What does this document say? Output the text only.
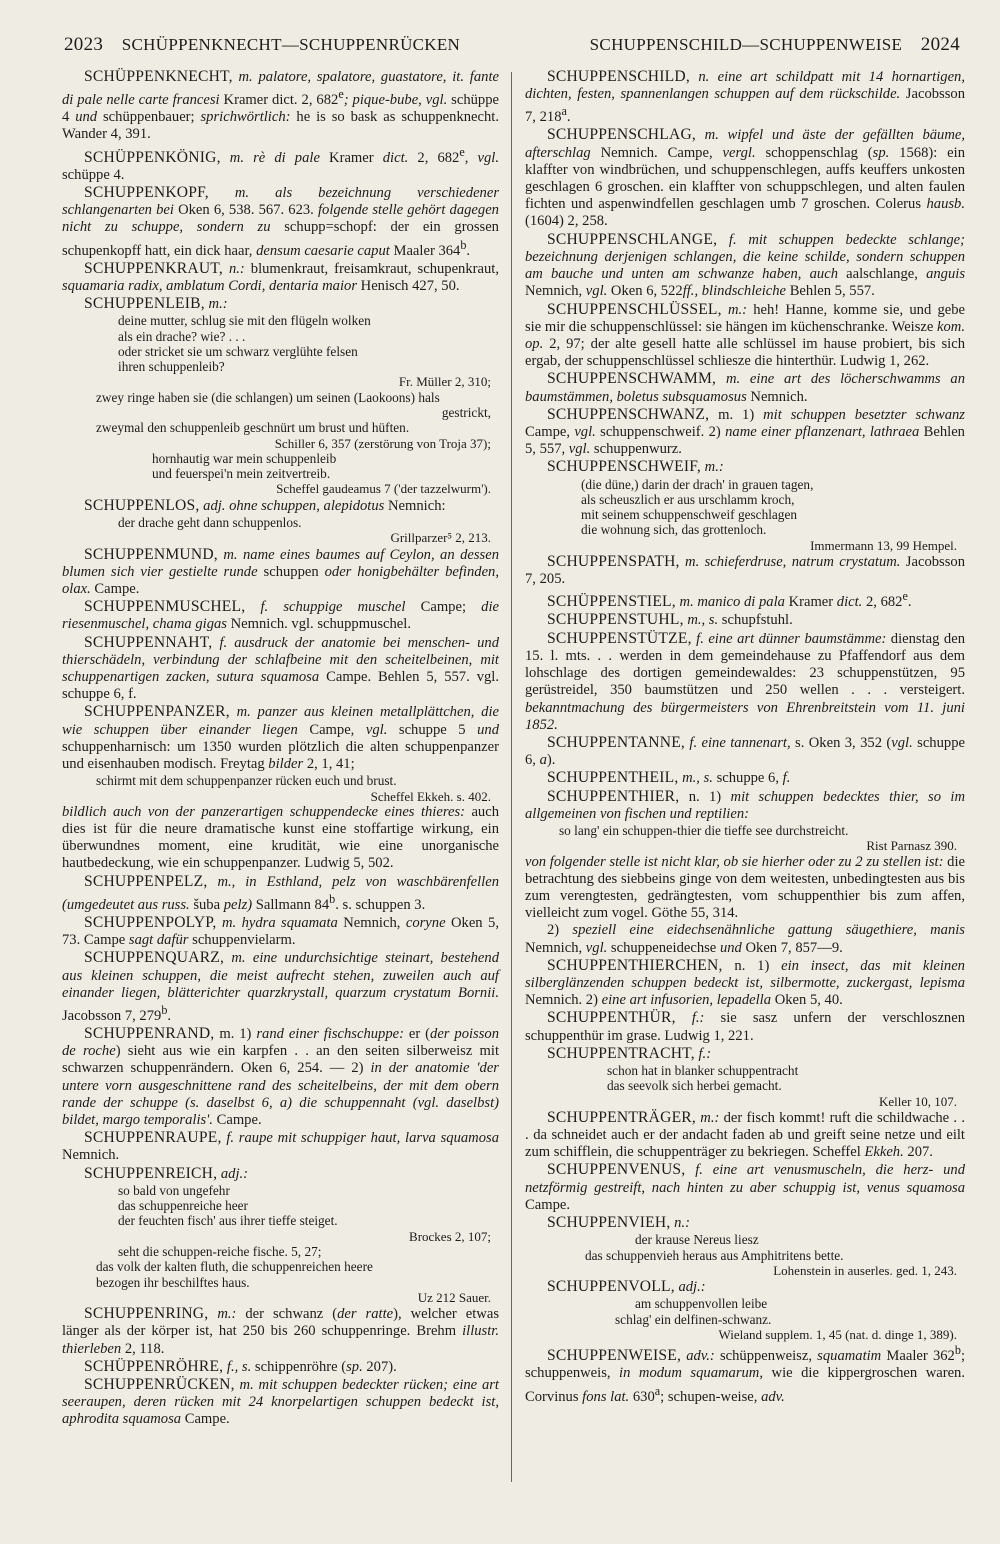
2023 SCHÜPPENKNECHT—SCHUPPENRÜCKEN	SCHUPPENSCHILD—SCHUPPENWEISE 2024

SCHÜPPENKNECHT, m. palatore, spalatore, guastatore, it. fante di pale nelle carte francesi Kramer dict. 2, 682e; pique-bube, vgl. schüppe 4 und schüppenbauer; sprichwörtlich: he is so bask as schuppenknecht. Wander 4, 391.

SCHÜPPENKÖNIG, m. rè di pale Kramer dict. 2, 682e, vgl. schüppe 4.

SCHUPPENKOPF, m. als bezeichnung verschiedener schlangenarten bei Oken 6, 538. 567. 623. folgende stelle gehört dagegen nicht zu schuppe, sondern zu schupp=schopf: der ein grossen schupenkopff hatt, ein dick haar, densum caesarie caput Maaler 364$^b$.

SCHUPPENKRAUT, n.: blumenkraut, freisamkraut, schupenkraut, squamaria radix, amblatum Cordi, dentaria maior Henisch 427, 50.

SCHUPPENLEIB, m.:

deine mutter, schlug sie mit den flügeln wolken
als ein drache? wie? . . .
oder stricket sie um schwarz verglühte felsen
ihren schuppenleib?
Fr. Müller 2, 310;
zwey ringe haben sie (die schlangen) um seinen (Laokoons) hals
gestrickt,
zweymal den schuppenleib geschnürt um brust und hüften.
Schiller 6, 357 (zerstörung von Troja 37);
hornhautig war mein schuppenleib
und feuerspei'n mein zeitvertreib.
Scheffel gaudeamus 7 ('der tazzelwurm').

SCHUPPENLOS, adj. ohne schuppen, alepidotus Nemnich:

der drache geht dann schuppenlos.
Grillparzer⁵ 2, 213.

SCHUPPENMUND, m. name eines baumes auf Ceylon, an dessen blumen sich vier gestielte runde schuppen oder honigbehälter befinden, olax. Campe.

SCHUPPENMUSCHEL, f. schuppige muschel Campe; die riesenmuschel, chama gigas Nemnich. vgl. schuppmuschel.

SCHUPPENNAHT, f. ausdruck der anatomie bei menschen- und thierschädeln, verbindung der schlafbeine mit den scheitelbeinen, mit schuppenartigen zacken, sutura squamosa Campe. Behlen 5, 557. vgl. schuppe 6, f.

SCHUPPENPANZER, m. panzer aus kleinen metallplättchen, die wie schuppen über einander liegen Campe, vgl. schuppe 5 und schuppenharnisch: um 1350 wurden plötzlich die alten schuppenpanzer und eisenhauben modisch. Freytag bilder 2, 1, 41;

schirmt mit dem schuppenpanzer rücken euch und brust.
Scheffel Ekkeh. s. 402.

bildlich auch von der panzerartigen schuppendecke eines thieres: auch dies ist für die neure dramatische kunst eine stoffartige wirkung, ein überwundnes moment, eine krudität, wie eine unorganische hautbedeckung, wie ein schuppenpanzer. Ludwig 5, 502.

SCHUPPENPELZ, m., in Esthland, pelz von waschbärenfellen (umgedeutet aus russ. šuba pelz) Sallmann 84$^b$. s. schuppen 3.

SCHUPPENPOLYP, m. hydra squamata Nemnich, coryne Oken 5, 73. Campe sagt dafür schuppenvielarm.

SCHUPPENQUARZ, m. eine undurchsichtige steinart, bestehend aus kleinen schuppen, die meist aufrecht stehen, zuweilen auch auf einander liegen, blätterichter quarzkrystall, quarzum crystatum Bornii. Jacobsson 7, 279$^b$.

SCHUPPENRAND, m. 1) rand einer fischschuppe: er (der poisson de roche) sieht aus wie ein karpfen . . an den seiten silberweisz mit schwarzen schuppenrändern. Oken 6, 254. — 2) in der anatomie 'der untere vorn ausgeschnittene rand des scheitelbeins, der mit dem obern rande der schuppe (s. daselbst 6, a) die schuppennaht (vgl. daselbst) bildet, margo temporalis'. Campe.

SCHUPPENRAUPE, f. raupe mit schuppiger haut, larva squamosa Nemnich.

SCHUPPENREICH, adj.:

so bald von ungefehr
das schuppenreiche heer
der feuchten fisch' aus ihrer tieffe steiget.
Brockes 2, 107;
seht die schuppen-reiche fische. 5, 27;
das volk der kalten fluth, die schuppenreichen heere
bezogen ihr beschilftes haus.
Uz 212 Sauer.

SCHUPPENRING, m.: der schwanz (der ratte), welcher etwas länger als der körper ist, hat 250 bis 260 schuppenringe. Brehm illustr. thierleben 2, 118.

SCHÜPPENRÖHRE, f., s. schippenröhre (sp. 207).

SCHUPPENRÜCKEN, m. mit schuppen bedeckter rücken; eine art seeraupen, deren rücken mit 24 knorpelartigen schuppen bedeckt ist, aphrodita squamosa Campe.

SCHUPPENSCHILD, n. eine art schildpatt mit 14 hornartigen, dichten, festen, spannenlangen schuppen auf dem rückschilde. Jacobsson 7, 218$^a$.

SCHUPPENSCHLAG, m. wipfel und äste der gefällten bäume, afterschlag Nemnich. Campe, vergl. schoppenschlag (sp. 1568): ein klaffter von windbrüchen, und schuppenschlegen, auffs keuffers unkosten geschlagen 6 groschen. ein klaffter von schuppschlegen, und alten faulen fichten und aspenwindfellen geschlagen umb 7 groschen. Colerus hausb. (1604) 2, 258.

SCHUPPENSCHLANGE, f. mit schuppen bedeckte schlange; bezeichnung derjenigen schlangen, die keine schilde, sondern schuppen am bauche und unten am schwanze haben, auch aalschlange, anguis Nemnich, vgl. Oken 6, 522ff., blindschleiche Behlen 5, 557.

SCHUPPENSCHLÜSSEL, m.: heh! Hanne, komme sie, und gebe sie mir die schuppenschlüssel: sie hängen im küchenschranke. Weisze kom. op. 2, 97; der alte gesell hatte alle schlüssel im hause probiert, bis sich ergab, der schuppenschlüssel schliesze die hinterthür. Ludwig 1, 262.

SCHUPPENSCHWAMM, m. eine art des löcherschwamms an baumstämmen, boletus subsquamosus Nemnich.

SCHUPPENSCHWANZ, m. 1) mit schuppen besetzter schwanz Campe, vgl. schuppenschweif. 2) name einer pflanzenart, lathraea Behlen 5, 557, vgl. schuppenwurz.

SCHUPPENSCHWEIF, m.:

(die düne,) darin der drach' in grauen tagen,
als scheuszlich er aus urschlamm kroch,
mit seinem schuppenschweif geschlagen
die wohnung sich, das grottenloch.
Immermann 13, 99 Hempel.

SCHUPPENSPATH, m. schieferdruse, natrum crystatum. Jacobsson 7, 205.

SCHÜPPENSTIEL, m. manico di pala Kramer dict. 2, 682e.

SCHUPPENSTUHL, m., s. schupfstuhl.

SCHUPPENSTÜTZE, f. eine art dünner baumstämme: dienstag den 15. l. mts. . . werden in dem gemeindehause zu Pfaffendorf aus dem lohschlage des dortigen gemeindewaldes: 23 schuppenstützen, 95 gerüstreidel, 350 baumstützen und 250 wellen . . . versteigert. bekanntmachung des bürgermeisters von Ehrenbreitstein vom 11. juni 1852.

SCHUPPENTANNE, f. eine tannenart, s. Oken 3, 352 (vgl. schuppe 6, a).

SCHUPPENTHEIL, m., s. schuppe 6, f.

SCHUPPENTHIER, n. 1) mit schuppen bedecktes thier, so im allgemeinen von fischen und reptilien:

so lang' ein schuppen-thier die tieffe see durchstreicht.
Rist Parnasz 390.

von folgender stelle ist nicht klar, ob sie hierher oder zu 2 zu stellen ist: die betrachtung des siebbeins ginge von dem weitesten, unbedingtesten aus bis zum verengtesten, gedrängtesten, vom schuppenthier bis zum affen, vielleicht zum vogel. Göthe 55, 314.

2) speziell eine eidechsenähnliche gattung säugethiere, manis Nemnich, vgl. schuppeneidechse und Oken 7, 857—9.

SCHUPPENTHIERCHEN, n. 1) ein insect, das mit kleinen silberglänzenden schuppen bedeckt ist, silbermotte, zuckergast, lepisma Nemnich. 2) eine art infusorien, lepadella Oken 5, 40.

SCHUPPENTHÜR, f.: sie sasz unfern der verschlosznen schuppenthür im grase. Ludwig 1, 221.

SCHUPPENTRACHT, f.:

schon hat in blanker schuppentracht
das seevolk sich herbei gemacht.
Keller 10, 107.

SCHUPPENTRÄGER, m.: der fisch kommt! ruft die schildwache . . . da schneidet auch er der andacht faden ab und greift seine netze und eilt zum schifflein, die schuppenträger zu bekriegen. Scheffel Ekkeh. 207.

SCHUPPENVENUS, f. eine art venusmuscheln, die herz- und netzförmig gestreift, nach hinten zu aber schuppig ist, venus squamosa Campe.

SCHUPPENVIEH, n.:

der krause Nereus liesz
das schuppenvieh heraus aus Amphitritens bette.
Lohenstein in auserles. ged. 1, 243.

SCHUPPENVOLL, adj.:

am schuppenvollen leibe
schlag' ein delfinen-schwanz.
Wieland supplem. 1, 45 (nat. d. dinge 1, 389).

SCHUPPENWEISE, adv.: schüppenweisz, squamatim Maaler 362$^b$; schuppenweis, in modum squamarum, wie die kippergroschen waren. Corvinus fons lat. 630$^a$; schupen-weise, adv.
